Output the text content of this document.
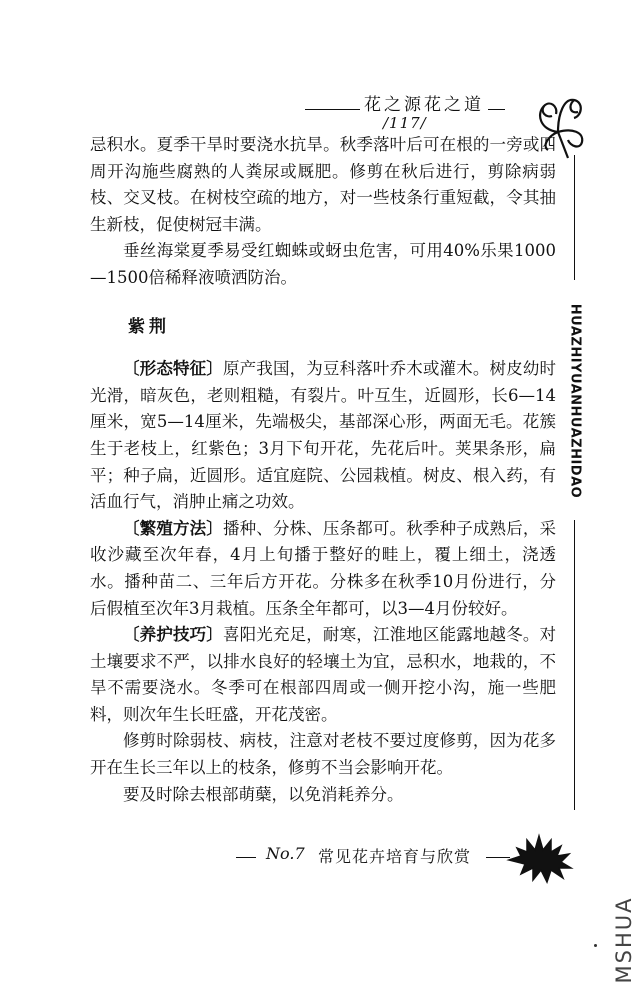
花之源花之道
/117/
HUAZHIYUANHUAZHIDAO

忌积水。夏季干旱时要浇水抗旱。秋季落叶后可在根的一旁或四周开沟施些腐熟的人粪尿或厩肥。修剪在秋后进行，剪除病弱枝、交叉枝。在树枝空疏的地方，对一些枝条行重短截，令其抽生新枝，促使树冠丰满。

垂丝海棠夏季易受红蜘蛛或蚜虫危害，可用40%乐果1000—1500倍稀释液喷洒防治。

紫荆

〔形态特征〕原产我国，为豆科落叶乔木或灌木。树皮幼时光滑，暗灰色，老则粗糙，有裂片。叶互生，近圆形，长6—14厘米，宽5—14厘米，先端极尖，基部深心形，两面无毛。花簇生于老枝上，红紫色；3月下旬开花，先花后叶。荚果条形，扁平；种子扁，近圆形。适宜庭院、公园栽植。树皮、根入药，有活血行气，消肿止痛之功效。

〔繁殖方法〕播种、分株、压条都可。秋季种子成熟后，采收沙藏至次年春，4月上旬播于整好的畦上，覆上细土，浇透水。播种苗二、三年后方开花。分株多在秋季10月份进行，分后假植至次年3月栽植。压条全年都可，以3—4月份较好。

〔养护技巧〕喜阳光充足，耐寒，江淮地区能露地越冬。对土壤要求不严，以排水良好的轻壤土为宜，忌积水，地栽的，不旱不需要浇水。冬季可在根部四周或一侧开挖小沟，施一些肥料，则次年生长旺盛，开花茂密。

修剪时除弱枝、病枝，注意对老枝不要过度修剪，因为花多开在生长三年以上的枝条，修剪不当会影响开花。

要及时除去根部萌蘖，以免消耗养分。

No.7 常见花卉培育与欣赏
MSHUA
